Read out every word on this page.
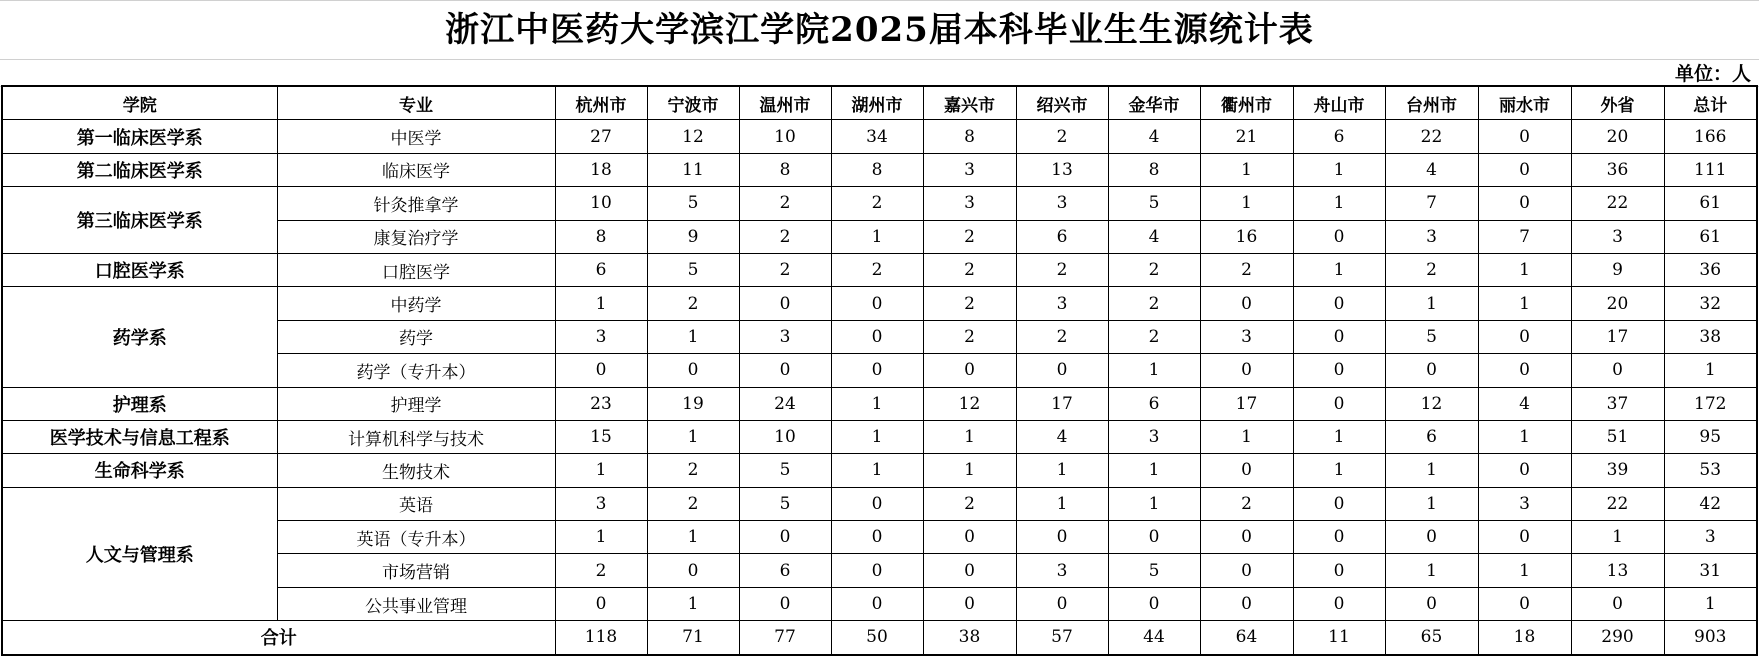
浙江中医药大学滨江学院2025届本科毕业生生源统计表
单位：人
学院	专业	杭州市	宁波市	温州市	湖州市	嘉兴市	绍兴市	金华市	衢州市	舟山市	台州市	丽水市	外省	总计
第一临床医学系	中医学	27	12	10	34	8	2	4	21	6	22	0	20	166
第二临床医学系	临床医学	18	11	8	8	3	13	8	1	1	4	0	36	111
第三临床医学系	针灸推拿学	10	5	2	2	3	3	5	1	1	7	0	22	61
	康复治疗学	8	9	2	1	2	6	4	16	0	3	7	3	61
口腔医学系	口腔医学	6	5	2	2	2	2	2	2	1	2	1	9	36
药学系	中药学	1	2	0	0	2	3	2	0	0	1	1	20	32
	药学	3	1	3	0	2	2	2	3	0	5	0	17	38
	药学（专升本）	0	0	0	0	0	0	1	0	0	0	0	0	1
护理系	护理学	23	19	24	1	12	17	6	17	0	12	4	37	172
医学技术与信息工程系	计算机科学与技术	15	1	10	1	1	4	3	1	1	6	1	51	95
生命科学系	生物技术	1	2	5	1	1	1	1	0	1	1	0	39	53
人文与管理系	英语	3	2	5	0	2	1	1	2	0	1	3	22	42
	英语（专升本）	1	1	0	0	0	0	0	0	0	0	0	1	3
	市场营销	2	0	6	0	0	3	5	0	0	1	1	13	31
	公共事业管理	0	1	0	0	0	0	0	0	0	0	0	0	1
合计		118	71	77	50	38	57	44	64	11	65	18	290	903
